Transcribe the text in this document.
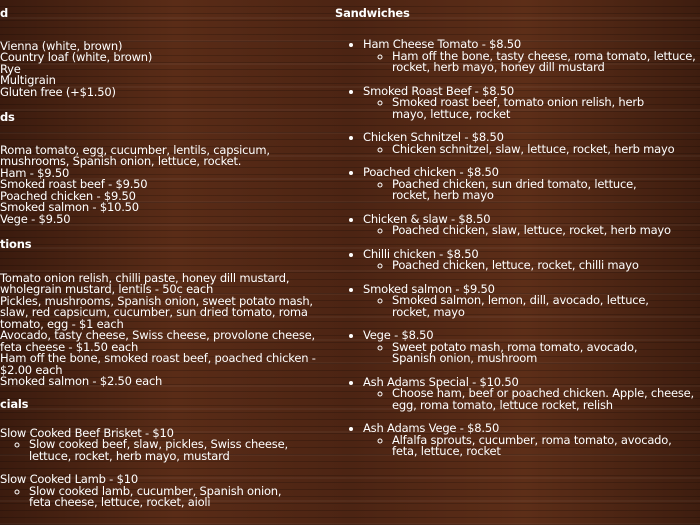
d

Vienna (white, brown)
Country loaf (white, brown)
Rye
Multigrain
Gluten free (+$1.50)

ds

Roma tomato, egg, cucumber, lentils, capsicum, mushrooms, Spanish onion, lettuce, rocket.
Ham - $9.50
Smoked roast beef - $9.50
Poached chicken - $9.50
Smoked salmon - $10.50
Vege - $9.50

tions

Tomato onion relish, chilli paste, honey dill mustard, wholegrain mustard, lentils - 50c each
Pickles, mushrooms, Spanish onion, sweet potato mash, slaw, red capsicum, cucumber, sun dried tomato, roma tomato, egg - $1 each
Avocado, tasty cheese, Swiss cheese, provolone cheese, feta cheese - $1.50 each
Ham off the bone, smoked roast beef, poached chicken - $2.00 each
Smoked salmon - $2.50 each

cials

Slow Cooked Beef Brisket - $10
◦ Slow cooked beef, slaw, pickles, Swiss cheese, lettuce, rocket, herb mayo, mustard
Slow Cooked Lamb - $10
◦ Slow cooked lamb, cucumber, Spanish onion, feta cheese, lettuce, rocket, aioli

Sandwiches

• Ham Cheese Tomato - $8.50
◦ Ham off the bone, tasty cheese, roma tomato, lettuce, rocket, herb mayo, honey dill mustard
• Smoked Roast Beef - $8.50
◦ Smoked roast beef, tomato onion relish, herb mayo, lettuce, rocket
• Chicken Schnitzel - $8.50
◦ Chicken schnitzel, slaw, lettuce, rocket, herb mayo
• Poached chicken - $8.50
◦ Poached chicken, sun dried tomato, lettuce, rocket, herb mayo
• Chicken & slaw - $8.50
◦ Poached chicken, slaw, lettuce, rocket, herb mayo
• Chilli chicken - $8.50
◦ Poached chicken, lettuce, rocket, chilli mayo
• Smoked salmon - $9.50
◦ Smoked salmon, lemon, dill, avocado, lettuce, rocket, mayo
• Vege - $8.50
◦ Sweet potato mash, roma tomato, avocado, Spanish onion, mushroom
• Ash Adams Special - $10.50
◦ Choose ham, beef or poached chicken. Apple, cheese, egg, roma tomato, lettuce rocket, relish
• Ash Adams Vege - $8.50
◦ Alfalfa sprouts, cucumber, roma tomato, avocado, feta, lettuce, rocket
